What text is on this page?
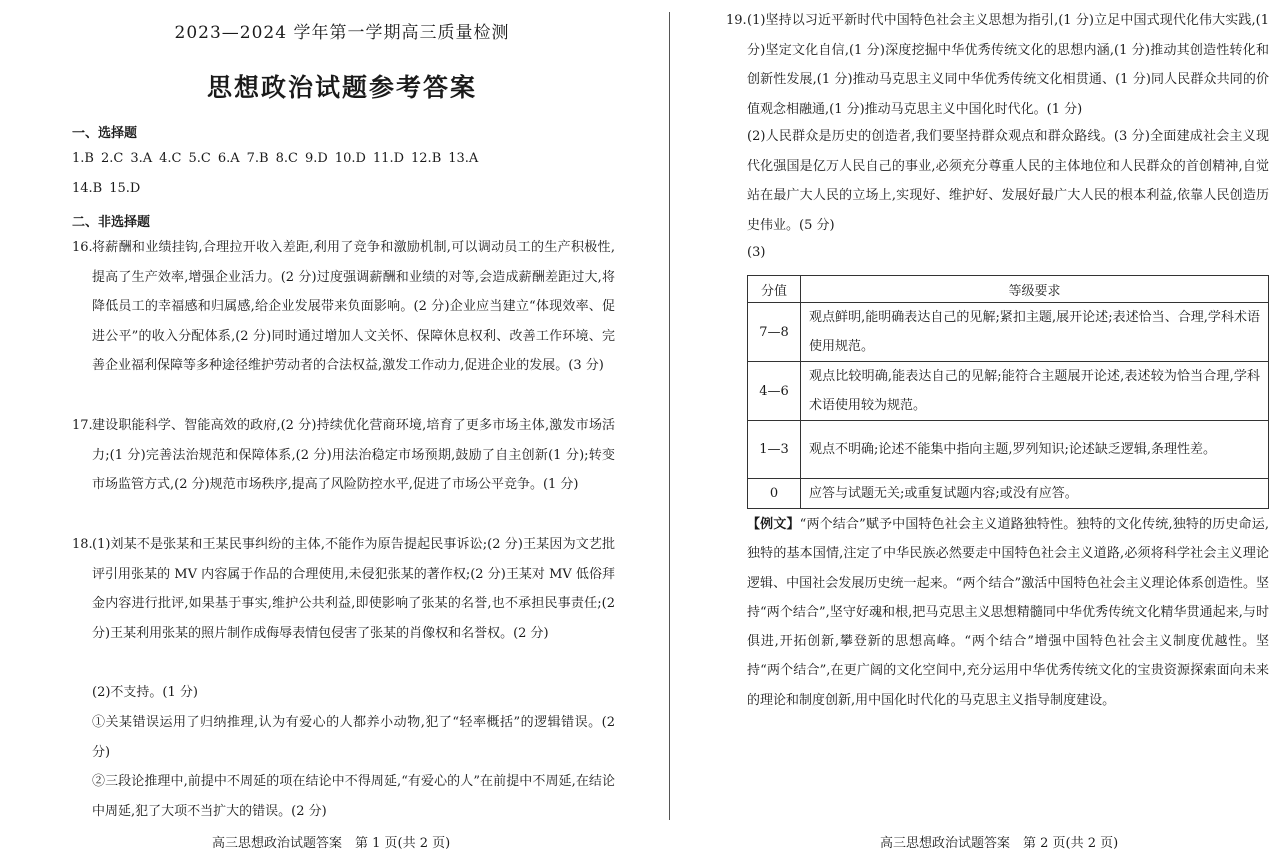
2023—2024 学年第一学期高三质量检测
思想政治试题参考答案
一、选择题
1.B 2.C 3.A 4.C 5.C 6.A 7.B 8.C 9.D 10.D 11.D 12.B 13.A
14.B 15.D
二、非选择题
16. 将薪酬和业绩挂钩,合理拉开收入差距,利用了竞争和激励机制,可以调动员工的生产积极性,提高了生产效率,增强企业活力。(2 分)过度强调薪酬和业绩的对等,会造成薪酬差距过大,将降低员工的幸福感和归属感,给企业发展带来负面影响。(2 分)企业应当建立“体现效率、促进公平”的收入分配体系,(2 分)同时通过增加人文关怀、保障休息权利、改善工作环境、完善企业福利保障等多种途径维护劳动者的合法权益,激发工作动力,促进企业的发展。(3 分)
17. 建设职能科学、智能高效的政府,(2 分)持续优化营商环境,培育了更多市场主体,激发市场活力;(1 分)完善法治规范和保障体系,(2 分)用法治稳定市场预期,鼓励了自主创新(1 分);转变市场监管方式,(2 分)规范市场秩序,提高了风险防控水平,促进了市场公平竞争。(1 分)
18. (1)刘某不是张某和王某民事纠纷的主体,不能作为原告提起民事诉讼;(2 分)王某因为文艺批评引用张某的 MV 内容属于作品的合理使用,未侵犯张某的著作权;(2 分)王某对 MV 低俗拜金内容进行批评,如果基于事实,维护公共利益,即使影响了张某的名誉,也不承担民事责任;(2 分)王某利用张某的照片制作成侮辱表情包侵害了张某的肖像权和名誉权。(2 分)
(2)不支持。(1 分)
①关某错误运用了归纳推理,认为有爱心的人都养小动物,犯了“轻率概括”的逻辑错误。(2 分)
②三段论推理中,前提中不周延的项在结论中不得周延,“有爱心的人”在前提中不周延,在结论中周延,犯了大项不当扩大的错误。(2 分)
高三思想政治试题答案　第 1 页(共 2 页)
19. (1)坚持以习近平新时代中国特色社会主义思想为指引,(1 分)立足中国式现代化伟大实践,(1 分)坚定文化自信,(1 分)深度挖掘中华优秀传统文化的思想内涵,(1 分)推动其创造性转化和创新性发展,(1 分)推动马克思主义同中华优秀传统文化相贯通、(1 分)同人民群众共同的价值观念相融通,(1 分)推动马克思主义中国化时代化。(1 分)
(2)人民群众是历史的创造者,我们要坚持群众观点和群众路线。(3 分)全面建成社会主义现代化强国是亿万人民自己的事业,必须充分尊重人民的主体地位和人民群众的首创精神,自觉站在最广大人民的立场上,实现好、维护好、发展好最广大人民的根本利益,依靠人民创造历史伟业。(5 分)
(3)
分值	等级要求
7—8	观点鲜明,能明确表达自己的见解;紧扣主题,展开论述;表述恰当、合理,学科术语使用规范。
4—6	观点比较明确,能表达自己的见解;能符合主题展开论述,表述较为恰当合理,学科术语使用较为规范。
1—3	观点不明确;论述不能集中指向主题,罗列知识;论述缺乏逻辑,条理性差。
0	应答与试题无关;或重复试题内容;或没有应答。
【例文】“两个结合”赋予中国特色社会主义道路独特性。独特的文化传统,独特的历史命运,独特的基本国情,注定了中华民族必然要走中国特色社会主义道路,必须将科学社会主义理论逻辑、中国社会发展历史统一起来。“两个结合”激活中国特色社会主义理论体系创造性。坚持“两个结合”,坚守好魂和根,把马克思主义思想精髓同中华优秀传统文化精华贯通起来,与时俱进,开拓创新,攀登新的思想高峰。“两个结合”增强中国特色社会主义制度优越性。坚持“两个结合”,在更广阔的文化空间中,充分运用中华优秀传统文化的宝贵资源探索面向未来的理论和制度创新,用中国化时代化的马克思主义指导制度建设。
高三思想政治试题答案　第 2 页(共 2 页)
